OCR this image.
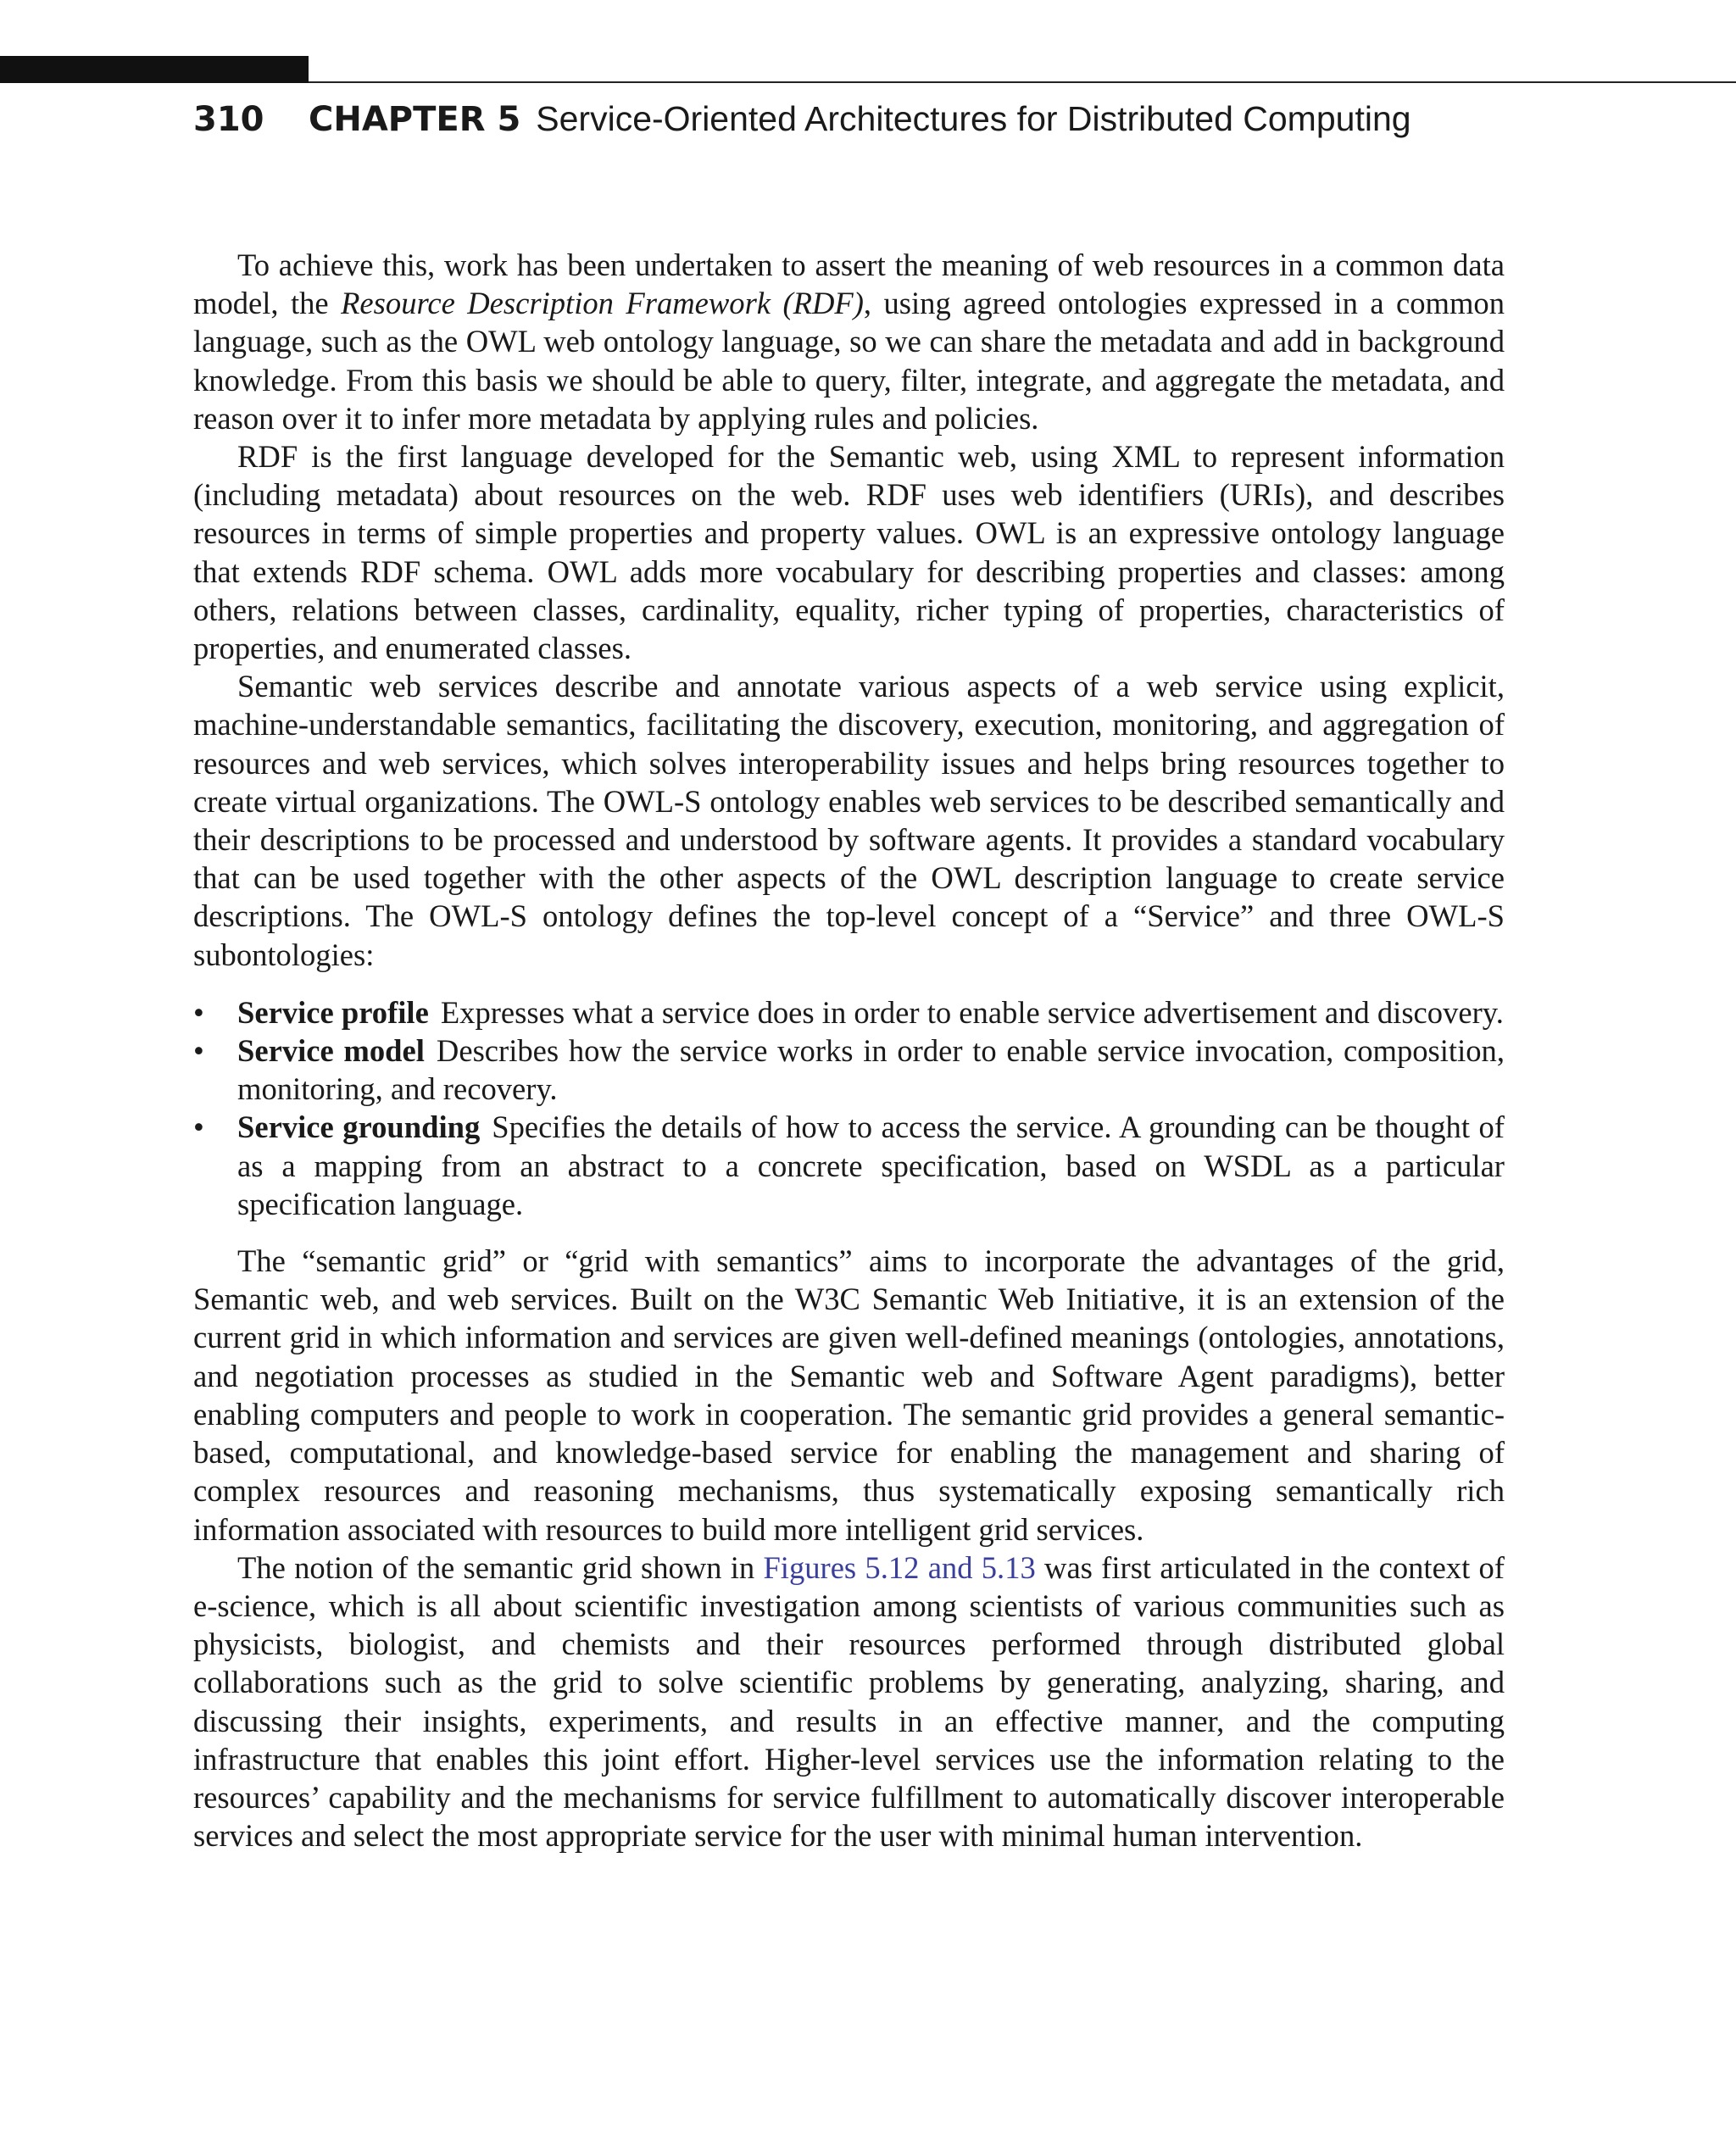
310 CHAPTER 5 Service-Oriented Architectures for Distributed Computing

To achieve this, work has been undertaken to assert the meaning of web resources in a common data model, the Resource Description Framework (RDF), using agreed ontologies expressed in a common language, such as the OWL web ontology language, so we can share the metadata and add in background knowledge. From this basis we should be able to query, filter, integrate, and aggregate the metadata, and reason over it to infer more metadata by applying rules and policies.

RDF is the first language developed for the Semantic web, using XML to represent information (including metadata) about resources on the web. RDF uses web identifiers (URIs), and describes resources in terms of simple properties and property values. OWL is an expressive ontology language that extends RDF schema. OWL adds more vocabulary for describing properties and classes: among others, relations between classes, cardinality, equality, richer typing of properties, characteristics of properties, and enumerated classes.

Semantic web services describe and annotate various aspects of a web service using explicit, machine-understandable semantics, facilitating the discovery, execution, monitoring, and aggregation of resources and web services, which solves interoperability issues and helps bring resources together to create virtual organizations. The OWL-S ontology enables web services to be described semantically and their descriptions to be processed and understood by software agents. It provides a standard vocabulary that can be used together with the other aspects of the OWL description language to create service descriptions. The OWL-S ontology defines the top-level concept of a “Service” and three OWL-S subontologies:

• Service profile Expresses what a service does in order to enable service advertisement and discovery.
• Service model Describes how the service works in order to enable service invocation, composition, monitoring, and recovery.
• Service grounding Specifies the details of how to access the service. A grounding can be thought of as a mapping from an abstract to a concrete specification, based on WSDL as a particular specification language.

The “semantic grid” or “grid with semantics” aims to incorporate the advantages of the grid, Semantic web, and web services. Built on the W3C Semantic Web Initiative, it is an extension of the current grid in which information and services are given well-defined meanings (ontologies, annotations, and negotiation processes as studied in the Semantic web and Software Agent paradigms), better enabling computers and people to work in cooperation. The semantic grid provides a general semantic-based, computational, and knowledge-based service for enabling the management and sharing of complex resources and reasoning mechanisms, thus systematically exposing semantically rich information associated with resources to build more intelligent grid services.

The notion of the semantic grid shown in Figures 5.12 and 5.13 was first articulated in the context of e-science, which is all about scientific investigation among scientists of various communities such as physicists, biologist, and chemists and their resources performed through distributed global collaborations such as the grid to solve scientific problems by generating, analyzing, sharing, and discussing their insights, experiments, and results in an effective manner, and the computing infrastructure that enables this joint effort. Higher-level services use the information relating to the resources’ capability and the mechanisms for service fulfillment to automatically discover interoperable services and select the most appropriate service for the user with minimal human intervention.
